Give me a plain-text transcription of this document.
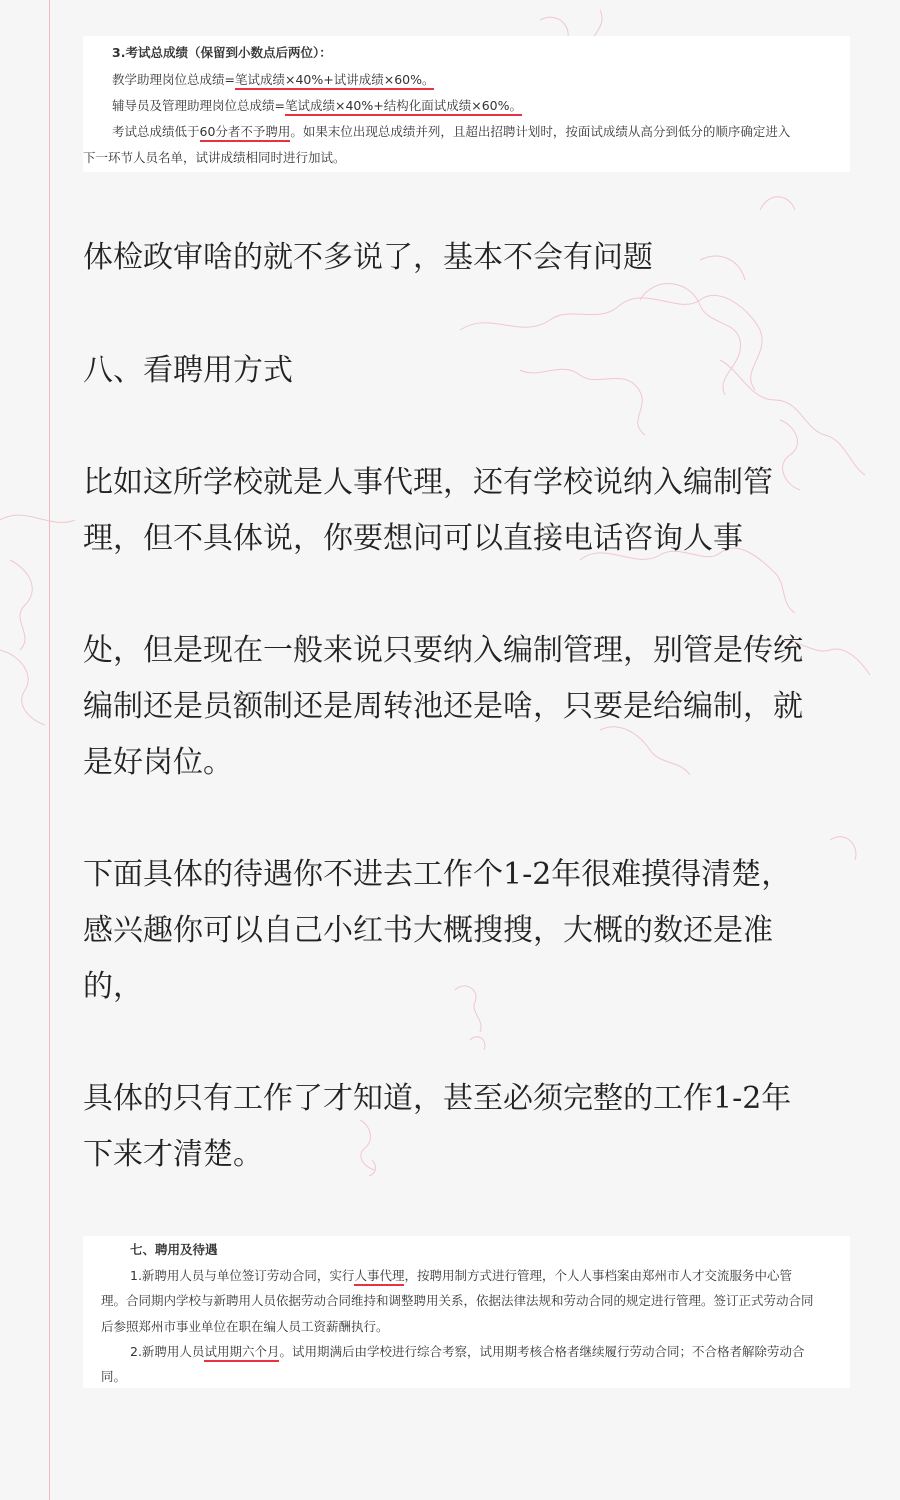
3.考试总成绩（保留到小数点后两位）：
教学助理岗位总成绩=笔试成绩×40%+试讲成绩×60%。
辅导员及管理助理岗位总成绩=笔试成绩×40%+结构化面试成绩×60%。
考试总成绩低于60分者不予聘用。如果末位出现总成绩并列，且超出招聘计划时，按面试成绩从高分到低分的顺序确定进入
下一环节人员名单，试讲成绩相同时进行加试。
体检政审啥的就不多说了，基本不会有问题
八、看聘用方式
比如这所学校就是人事代理，还有学校说纳入编制管
理，但不具体说，你要想问可以直接电话咨询人事
处，但是现在一般来说只要纳入编制管理，别管是传统
编制还是员额制还是周转池还是啥，只要是给编制，就
是好岗位。
下面具体的待遇你不进去工作个1-2年很难摸得清楚，
感兴趣你可以自己小红书大概搜搜，大概的数还是准
的，
具体的只有工作了才知道，甚至必须完整的工作1-2年
下来才清楚。
七、聘用及待遇
1.新聘用人员与单位签订劳动合同，实行人事代理，按聘用制方式进行管理，个人人事档案由郑州市人才交流服务中心管
理。合同期内学校与新聘用人员依据劳动合同维持和调整聘用关系，依据法律法规和劳动合同的规定进行管理。签订正式劳动合同
后参照郑州市事业单位在职在编人员工资薪酬执行。
2.新聘用人员试用期六个月。试用期满后由学校进行综合考察，试用期考核合格者继续履行劳动合同；不合格者解除劳动合
同。
